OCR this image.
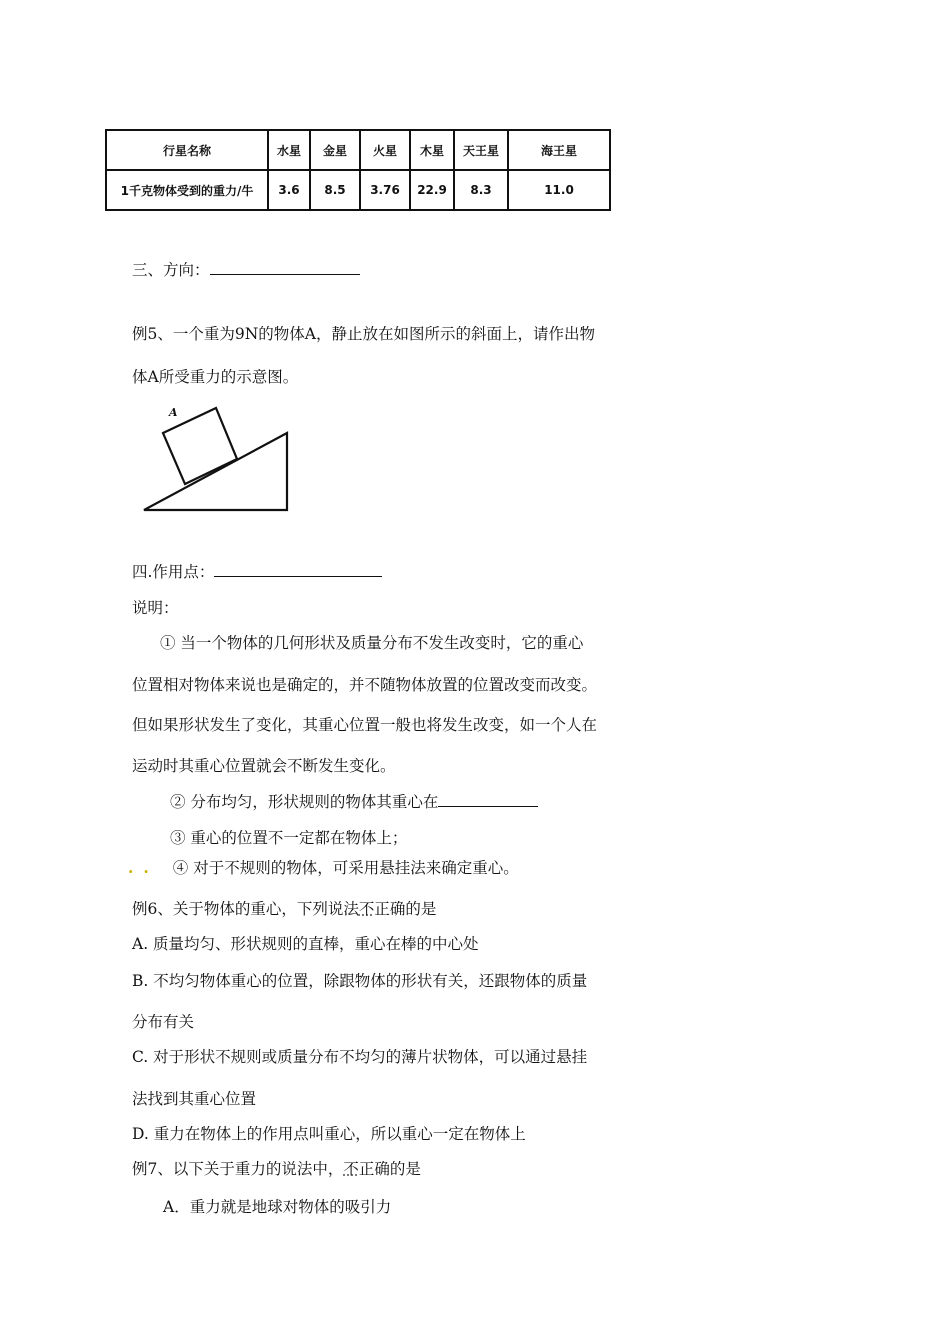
行星名称	水星	金星	火星	木星	天王星	海王星
1千克物体受到的重力/牛	3.6	8.5	3.76	22.9	8.3	11.0
三、方向：
例5、一个重为9N的物体A，静止放在如图所示的斜面上，请作出物
体A所受重力的示意图。
A
四.作用点：
说明：
① 当一个物体的几何形状及质量分布不发生改变时，它的重心
位置相对物体来说也是确定的，并不随物体放置的位置改变而改变。
但如果形状发生了变化，其重心位置一般也将发生改变，如一个人在
运动时其重心位置就会不断发生变化。
② 分布均匀，形状规则的物体其重心在
③ 重心的位置不一定都在物体上；
.. ④ 对于不规则的物体，可采用悬挂法来确定重心。
例6、关于物体的重心，下列说法不正确的是
A. 质量均匀、形状规则的直棒，重心在棒的中心处
B. 不均匀物体重心的位置，除跟物体的形状有关，还跟物体的质量
分布有关
C. 对于形状不规则或质量分布不均匀的薄片状物体，可以通过悬挂
法找到其重心位置
D. 重力在物体上的作用点叫重心，所以重心一定在物体上
例7、以下关于重力的说法中，不正确的是
A．重力就是地球对物体的吸引力
